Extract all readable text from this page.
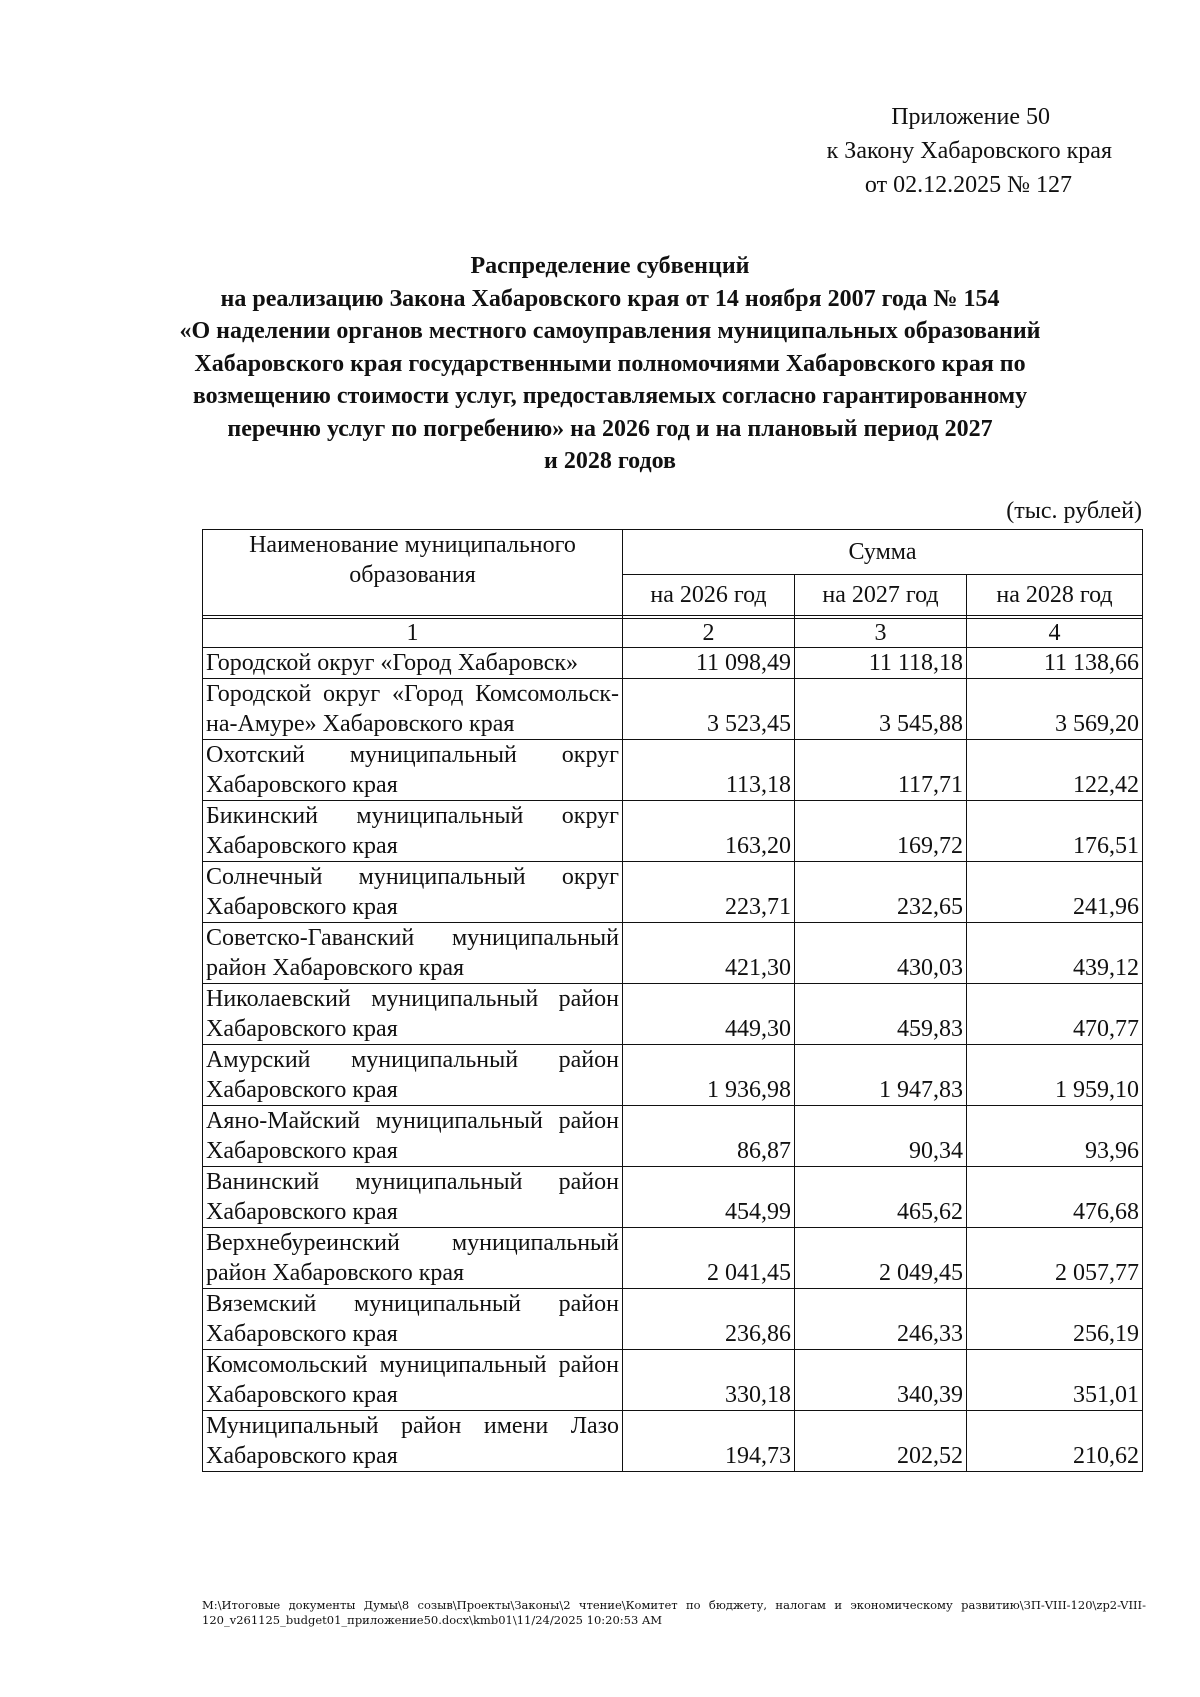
Приложение 50
к Закону Хабаровского края
от 02.12.2025 № 127
Распределение субвенций
на реализацию Закона Хабаровского края от 14 ноября 2007 года № 154
«О наделении органов местного самоуправления муниципальных образований
Хабаровского края государственными полномочиями Хабаровского края по
возмещению стоимости услуг, предоставляемых согласно гарантированному
перечню услуг по погребению» на 2026 год и на плановый период 2027
и 2028 годов
(тыс. рублей)
Наименование муниципального образования	Сумма		
	на 2026 год	на 2027 год	на 2028 год

1	2	3	4
Городской округ «Город Хабаровск»	11 098,49	11 118,18	11 138,66
Городской округ «Город Комсомольск-на-Амуре» Хабаровского края	3 523,45	3 545,88	3 569,20
Охотский муниципальный округ Хабаровского края	113,18	117,71	122,42
Бикинский муниципальный округ Хабаровского края	163,20	169,72	176,51
Солнечный муниципальный округ Хабаровского края	223,71	232,65	241,96
Советско-Гаванский муниципальный район Хабаровского края	421,30	430,03	439,12
Николаевский муниципальный район Хабаровского края	449,30	459,83	470,77
Амурский муниципальный район Хабаровского края	1 936,98	1 947,83	1 959,10
Аяно-Майский муниципальный район Хабаровского края	86,87	90,34	93,96
Ванинский муниципальный район Хабаровского края	454,99	465,62	476,68
Верхнебуреинский муниципальный район Хабаровского края	2 041,45	2 049,45	2 057,77
Вяземский муниципальный район Хабаровского края	236,86	246,33	256,19
Комсомольский муниципальный район Хабаровского края	330,18	340,39	351,01
Муниципальный район имени Лазо Хабаровского края	194,73	202,52	210,62
M:\Итоговые документы Думы\8 созыв\Проекты\Законы\2 чтение\Комитет по бюджету, налогам и экономическому развитию\ЗП-VIII-120\zp2-VIII-120_v261125_budget01_приложение50.docx\kmb01\11/24/2025 10:20:53 AM
